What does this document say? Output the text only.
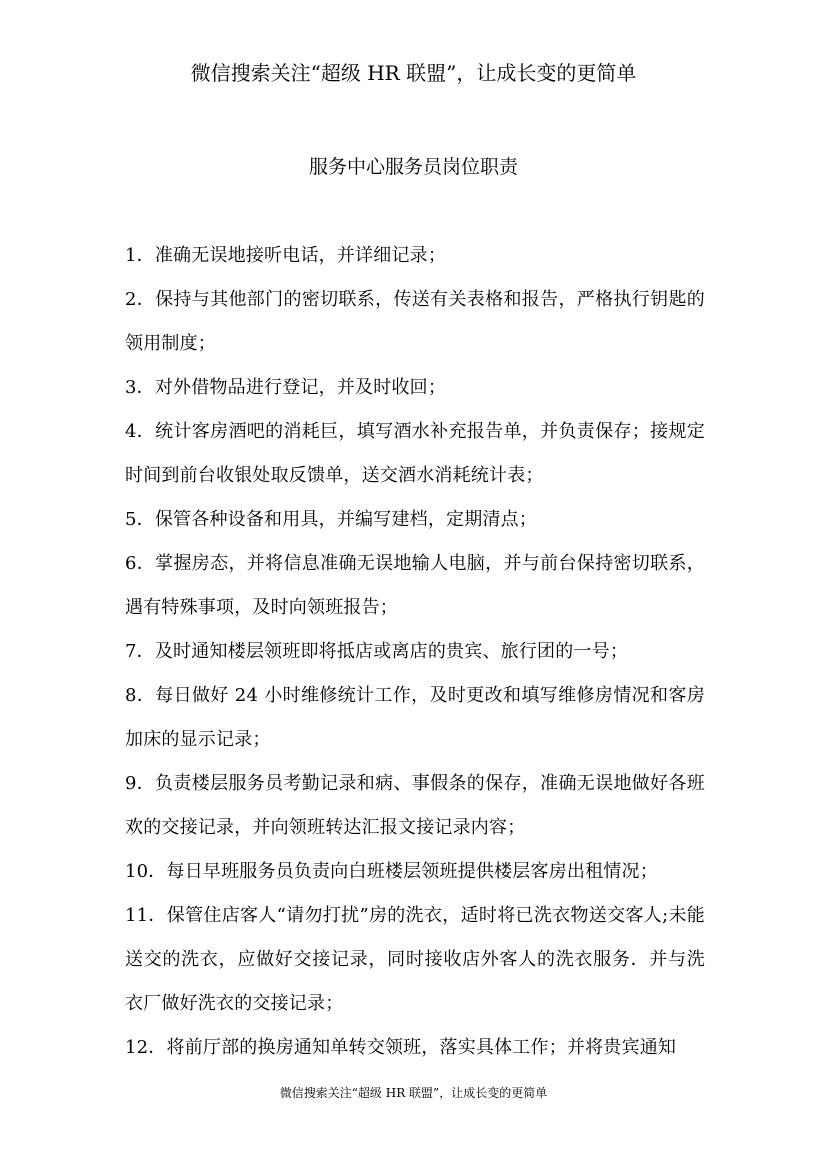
微信搜索关注“超级 HR 联盟”，让成长变的更简单
服务中心服务员岗位职责
1．准确无误地接听电话，并详细记录；
2．保持与其他部门的密切联系，传送有关表格和报告，严格执行钥匙的领用制度；
3．对外借物品进行登记，并及时收回；
4．统计客房酒吧的消耗巨，填写酒水补充报告单，并负责保存；接规定时间到前台收银处取反馈单，送交酒水消耗统计表；
5．保管各种设备和用具，并编写建档，定期清点；
6．掌握房态，并将信息准确无误地输人电脑，并与前台保持密切联系，遇有特殊事项，及时向领班报告；
7．及时通知楼层领班即将抵店或离店的贵宾、旅行团的一号；
8．每日做好 24 小时维修统计工作，及时更改和填写维修房情况和客房加床的显示记录；
9．负责楼层服务员考勤记录和病、事假条的保存，准确无误地做好各班欢的交接记录，并向领班转达汇报文接记录内容；
10．每日早班服务员负责向白班楼层领班提供楼层客房出租情况；
11．保管住店客人“请勿打扰”房的洗衣，适时将已洗衣物送交客人;未能送交的洗衣，应做好交接记录，同时接收店外客人的洗衣服务．并与洗衣厂做好洗衣的交接记录；
12．将前厅部的换房通知单转交领班，落实具体工作；并将贵宾通知
微信搜索关注“超级 HR 联盟”，让成长变的更简单
